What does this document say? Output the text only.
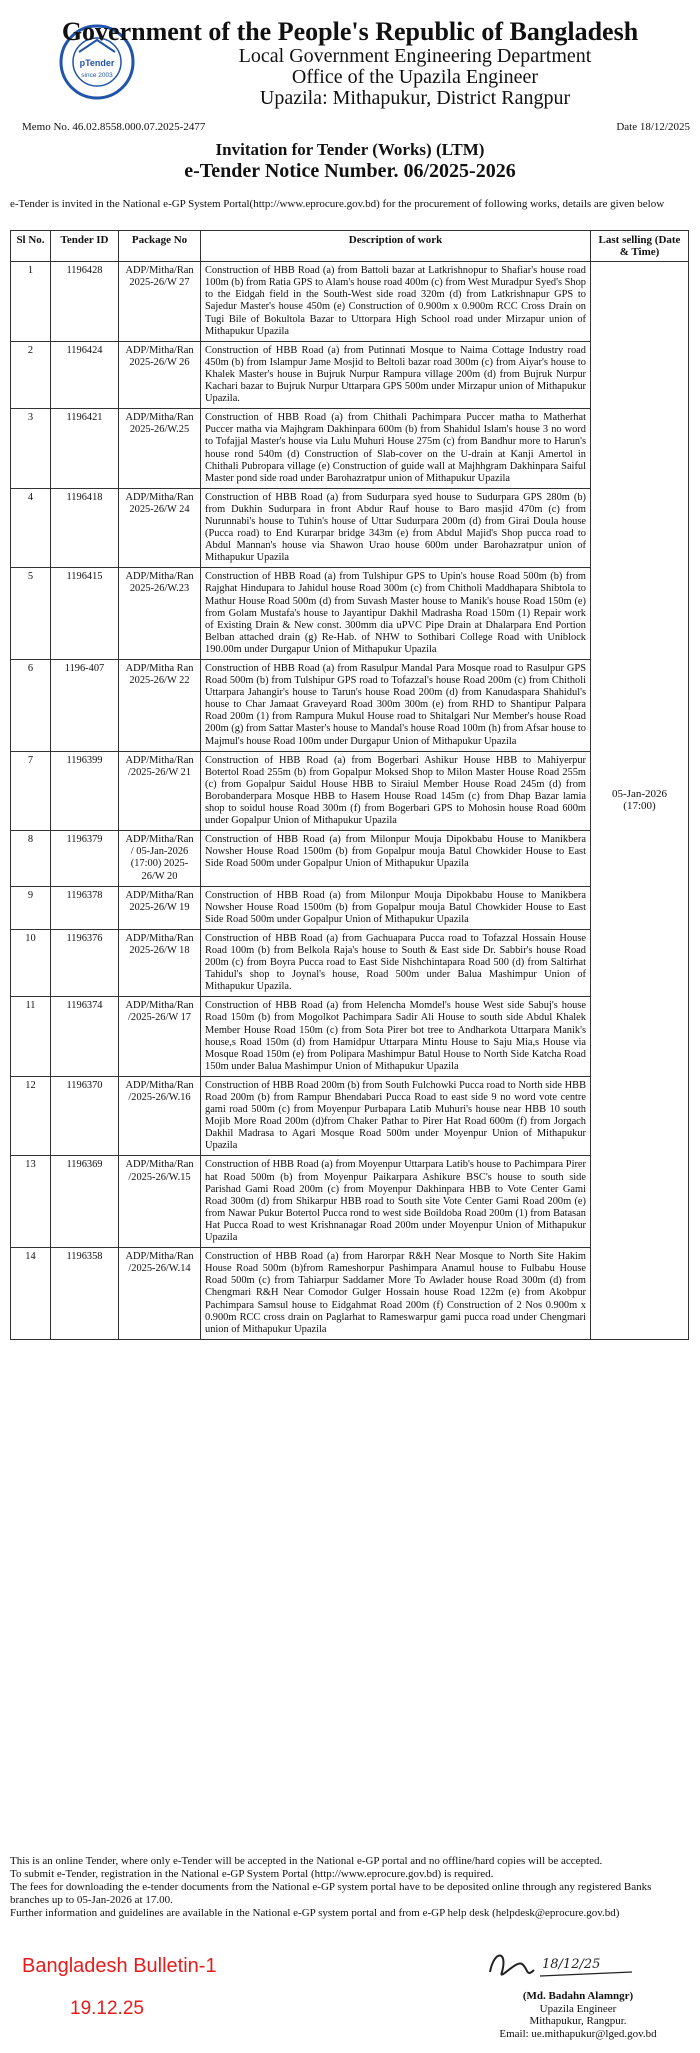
pTender
since 2003
Government of the People's Republic of Bangladesh
Local Government Engineering Department
Office of the Upazila Engineer
Upazila: Mithapukur, District Rangpur
Memo No. 46.02.8558.000.07.2025-2477	Date 18/12/2025
Invitation for Tender (Works) (LTM)
e-Tender Notice Number. 06/2025-2026
e-Tender is invited in the National e-GP System Portal(http://www.eprocure.gov.bd) for the procurement of following works, details are given below
Sl No.	Tender ID	Package No	Description of work	Last selling (Date & Time)
1	1196428	ADP/Mitha/Ran 2025-26/W 27	Construction of HBB Road (a) from Battoli bazar at Latkrishnopur to Shafiar's house road 100m (b) from Ratia GPS to Alam's house road 400m (c) from West Muradpur Syed's Shop to the Eidgah field in the South-West side road 320m (d) from Latkrishnapur GPS to Sajedur Master's house 450m (e) Construction of 0.900m x 0.900m RCC Cross Drain on Tugi Bile of Bokultola Bazar to Uttorpara High School road under Mirzapur union of Mithapukur Upazila	05-Jan-2026 (17:00)
2	1196424	ADP/Mitha/Ran 2025-26/W 26	Construction of HBB Road (a) from Putinnati Mosque to Naima Cottage Industry road 450m (b) from Islampur Jame Mosjid to Beltoli bazar road 300m (c) from Aiyar's house to Khalek Master's house in Bujruk Nurpur Rampura village 200m (d) from Bujruk Nurpur Kachari bazar to Bujruk Nurpur Uttarpara GPS 500m under Mirzapur union of Mithapukur Upazila.	
3	1196421	ADP/Mitha/Ran 2025-26/W.25	Construction of HBB Road (a) from Chithali Pachimpara Puccer matha to Matherhat Puccer matha via Majhgram Dakhinpara 600m (b) from Shahidul Islam's house 3 no word to Tofajjal Master's house via Lulu Muhuri House 275m (c) from Bandhur more to Harun's house rond 540m (d) Construction of Slab-cover on the U-drain at Kanji Amertol in Chithali Pubropara village (e) Construction of guide wall at Majhhgram Dakhinpara Saiful Master pond side road under Barohazratpur union of Mithapukur Upazila	
4	1196418	ADP/Mitha/Ran 2025-26/W 24	Construction of HBB Road (a) from Sudurpara syed house to Sudurpara GPS 280m (b) from Dukhin Sudurpara in front Abdur Rauf house to Baro masjid 470m (c) from Nurunnabi's house to Tuhin's house of Uttar Sudurpara 200m (d) from Girai Doula house (Pucca road) to End Kurarpar bridge 343m (e) from Abdul Majid's Shop pucca road to Abdul Mannan's house via Shawon Urao house 600m under Barohazratpur union of Mithapukur Upazila	
5	1196415	ADP/Mitha/Ran 2025-26/W.23	Construction of HBB Road (a) from Tulshipur GPS to Upin's house Road 500m (b) from Rajghat Hindupara to Jahidul house Road 300m (c) from Chitholi Maddhapara Shibtola to Mathur House Road 500m (d) from Suvash Master house to Manik's house Road 150m (e) from Golam Mustafa's house to Jayantipur Dakhil Madrasha Road 150m (1) Repair work of Existing Drain & New const. 300mm dia uPVC Pipe Drain at Dhalarpara End Portion Belban attached drain (g) Re-Hab. of NHW to Sothibari College Road with Uniblock 190.00m under Durgapur Union of Mithapukur Upazila	
6	1196-407	ADP/Mitha Ran 2025-26/W 22	Construction of HBB Road (a) from Rasulpur Mandal Para Mosque road to Rasulpur GPS Road 500m (b) from Tulshipur GPS road to Tofazzal's house Road 200m (c) from Chitholi Uttarpara Jahangir's house to Tarun's house Road 200m (d) from Kanudaspara Shahidul's house to Char Jamaat Graveyard Road 300m 300m (e) from RHD to Shantipur Palpara Road 200m (1) from Rampura Mukul House road to Shitalgari Nur Member's house Road 200m (g) from Sattar Master's house to Mandal's house Road 100m (h) from Afsar house to Majmul's house Road 100m under Durgapur Union of Mithapukur Upazila	
7	1196399	ADP/Mitha/Ran /2025-26/W 21	Construction of HBB Road (a) from Bogerbari Ashikur House HBB to Mahiyerpur Botertol Road 255m (b) from Gopalpur Moksed Shop to Milon Master House Road 255m (c) from Gopalpur Saidul House HBB to Siraiul Member House Road 245m (d) from Borobanderpara Mosque HBB to Hasem House Road 145m (c) from Dhap Bazar lamia shop to soidul house Road 300m (f) from Bogerbari GPS to Mohosin house Road 600m under Gopalpur Union of Mithapukur Upazila	
8	1196379	ADP/Mitha/Ran / 05-Jan-2026 (17:00) 2025-26/W 20	Construction of HBB Road (a) from Milonpur Mouja Dipokbabu House to Manikbera Nowsher House Road 1500m (b) from Gopalpur mouja Batul Chowkider House to East Side Road 500m under Gopalpur Union of Mithapukur Upazila	
9	1196378	ADP/Mitha/Ran 2025-26/W 19	Construction of HBB Road (a) from Milonpur Mouja Dipokbabu House to Manikbera Nowsher House Road 1500m (b) from Gopalpur mouja Batul Chowkider House to East Side Road 500m under Gopalpur Union of Mithapukur Upazila	
10	1196376	ADP/Mitha/Ran 2025-26/W 18	Construction of HBB Road (a) from Gachuapara Pucca road to Tofazzal Hossain House Road 100m (b) from Belkola Raja's house to South & East side Dr. Sabbir's house Road 200m (c) from Boyra Pucca road to East Side Nishchintapara Road 500 (d) from Saltirhat Tahidul's shop to Joynal's house, Road 500m under Balua Mashimpur Union of Mithapukur Upazila.	
11	1196374	ADP/Mitha/Ran /2025-26/W 17	Construction of HBB Road (a) from Helencha Momdel's house West side Sabuj's house Road 150m (b) from Mogolkot Pachimpara Sadir Ali House to south side Abdul Khalek Member House Road 150m (c) from Sota Pirer bot tree to Andharkota Uttarpara Manik's house,s Road 150m (d) from Hamidpur Uttarpara Mintu House to Saju Mia,s House via Mosque Road 150m (e) from Polipara Mashimpur Batul House to North Side Katcha Road 150m under Balua Mashimpur Union of Mithapukur Upazila	
12	1196370	ADP/Mitha/Ran /2025-26/W.16	Construction of HBB Road 200m (b) from South Fulchowki Pucca road to North side HBB Road 200m (b) from Rampur Bhendabari Pucca Road to east side 9 no word vote centre gami road 500m (c) from Moyenpur Purbapara Latib Muhuri's house near HBB 10 south Mojib More Road 200m (d)from Chaker Pathar to Pirer Hat Road 600m (f) from Jorgach Dakhil Madrasa to Agari Mosque Road 500m under Moyenpur Union of Mithapukur Upazila	
13	1196369	ADP/Mitha/Ran /2025-26/W.15	Construction of HBB Road (a) from Moyenpur Uttarpara Latib's house to Pachimpara Pirer hat Road 500m (b) from Moyenpur Paikarpara Ashikure BSC's house to south side Parishad Gami Road 200m (c) from Moyenpur Dakhinpara HBB to Vote Center Gami Road 300m (d) from Shikarpur HBB road to South site Vote Center Gami Road 200m (e) from Nawar Pukur Botertol Pucca rond to west side Boildoba Road 200m (1) from Batasan Hat Pucca Road to west Krishnanagar Road 200m under Moyenpur Union of Mithapukur Upazila	
14	1196358	ADP/Mitha/Ran /2025-26/W.14	Construction of HBB Road (a) from Harorpar R&H Near Mosque to North Site Hakim House Road 500m (b)from Rameshorpur Pashimpara Anamul house to Fulbabu House Road 500m (c) from Tahiarpur Saddamer More To Awlader house Road 300m (d) from Chengmari R&H Near Comodor Gulger Hossain house Road 122m (e) from Akobpur Pachimpara Samsul house to Eidgahmat Road 200m (f) Construction of 2 Nos 0.900m x 0.900m RCC cross drain on Paglarhat to Rameswarpur gami pucca road under Chengmari union of Mithapukur Upazila	
This is an online Tender, where only e-Tender will be accepted in the National e-GP portal and no offline/hard copies will be accepted.
To submit e-Tender, registration in the National e-GP System Portal (http://www.eprocure.gov.bd) is required.
The fees for downloading the e-tender documents from the National e-GP system portal have to be deposited online through any registered Banks branches up to 05-Jan-2026 at 17.00.
Further information and guidelines are available in the National e-GP system portal and from e-GP help desk (helpdesk@eprocure.gov.bd)
Bangladesh Bulletin-1
19.12.25
18/12/25
(Md. Badahn Alamngr)
Upazila Engineer
Mithapukur, Rangpur.
Email: ue.mithapukur@lged.gov.bd
